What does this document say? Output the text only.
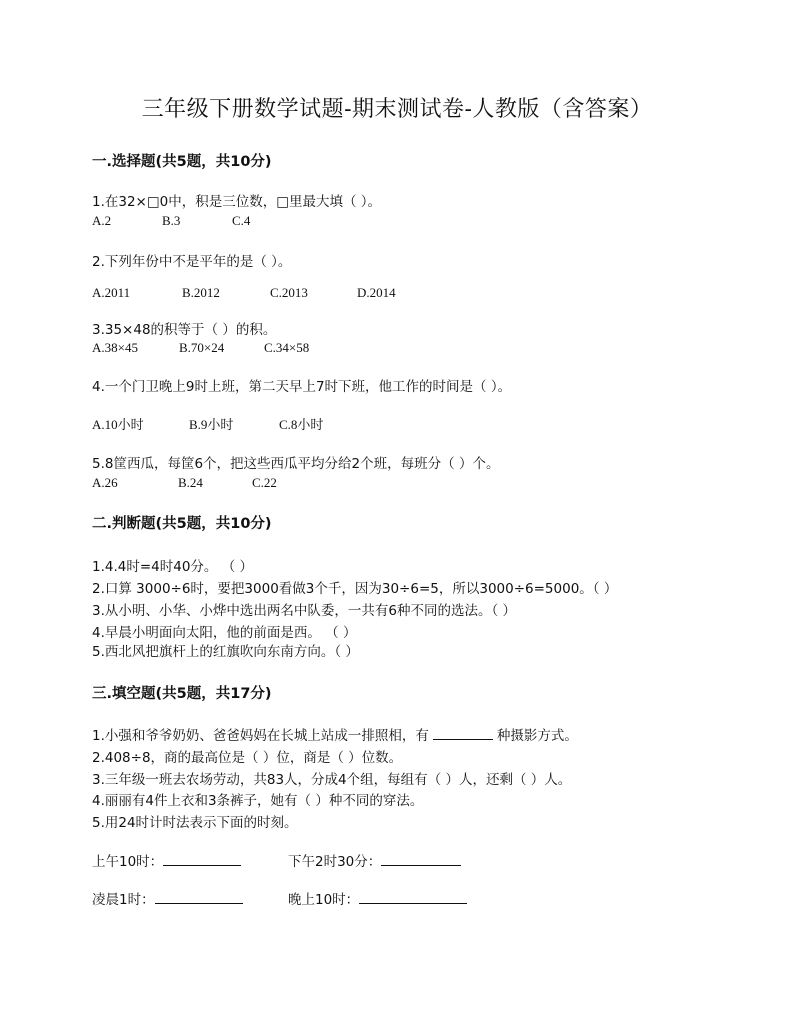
三年级下册数学试题-期末测试卷-人教版（含答案）
一.选择题(共5题，共10分)
1.在32×□0中，积是三位数，□里最大填（ ）。
A.2	B.3	C.4
2.下列年份中不是平年的是（ ）。
A.2011	B.2012	C.2013	D.2014
3.35×48的积等于（ ）的积。
A.38×45	B.70×24	C.34×58
4.一个门卫晚上9时上班，第二天早上7时下班，他工作的时间是（ ）。
A.10小时	B.9小时	C.8小时
5.8筐西瓜，每筐6个，把这些西瓜平均分给2个班，每班分（ ）个。
A.26	B.24	C.22
二.判断题(共5题，共10分)
1.4.4时=4时40分。 （ ）
2.口算 3000÷6时，要把3000看做3个千，因为30÷6=5，所以3000÷6=5000。（ ）
3.从小明、小华、小烨中选出两名中队委，一共有6种不同的选法。（ ）
4.早晨小明面向太阳，他的前面是西。 （ ）
5.西北风把旗杆上的红旗吹向东南方向。（ ）
三.填空题(共5题，共17分)
1.小强和爷爷奶奶、爸爸妈妈在长城上站成一排照相，有	种摄影方式。
2.408÷8，商的最高位是（ ）位，商是（ ）位数。
3.三年级一班去农场劳动，共83人，分成4个组，每组有（ ）人，还剩（ ）人。
4.丽丽有4件上衣和3条裤子，她有（ ）种不同的穿法。
5.用24时计时法表示下面的时刻。
上午10时：	下午2时30分：
凌晨1时：	晚上10时：
